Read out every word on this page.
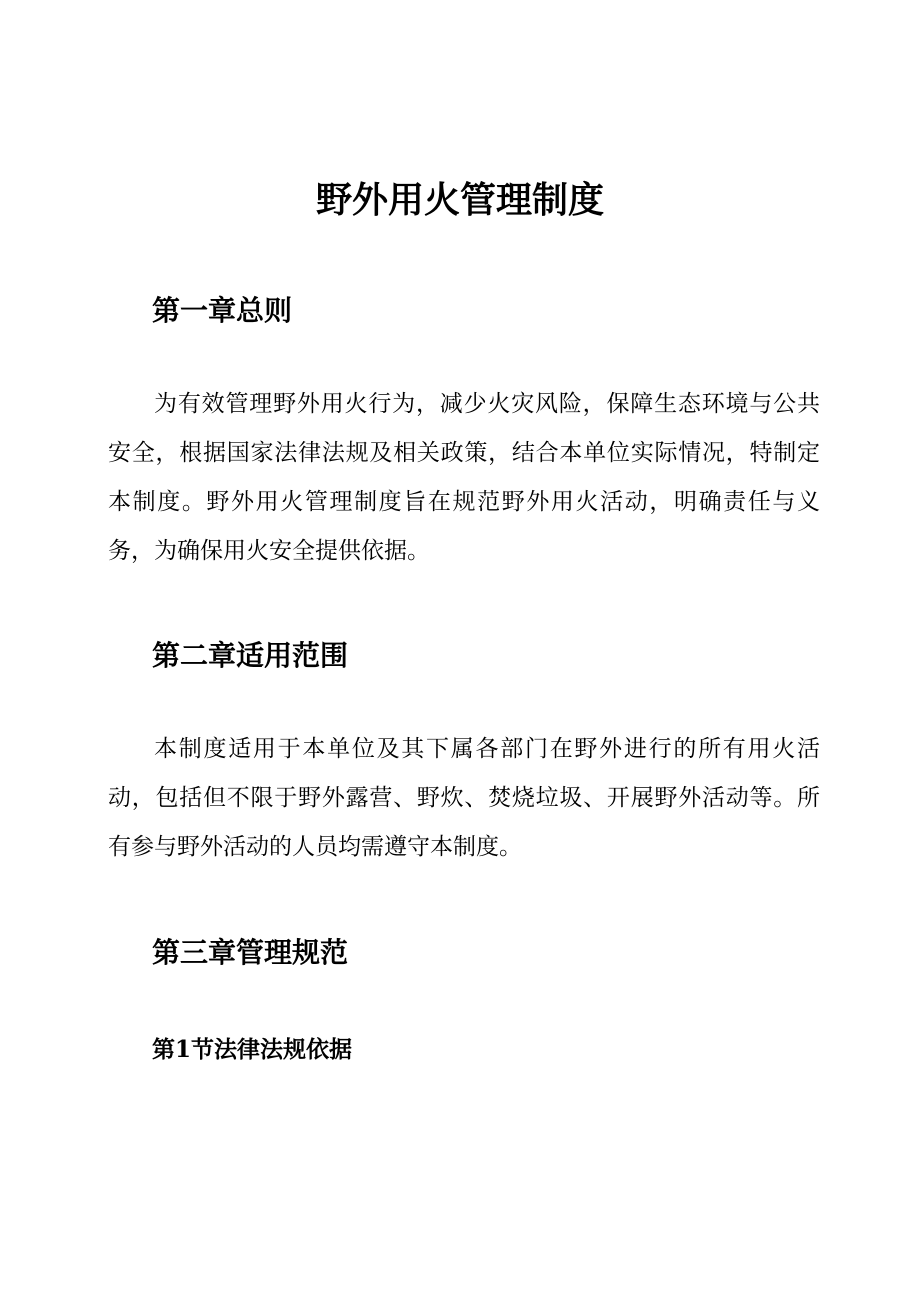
野外用火管理制度
第一章总则

为有效管理野外用火行为，减少火灾风险，保障生态环境与公共安全，根据国家法律法规及相关政策，结合本单位实际情况，特制定本制度。野外用火管理制度旨在规范野外用火活动，明确责任与义务，为确保用火安全提供依据。

第二章适用范围

本制度适用于本单位及其下属各部门在野外进行的所有用火活动，包括但不限于野外露营、野炊、焚烧垃圾、开展野外活动等。所有参与野外活动的人员均需遵守本制度。

第三章管理规范
第1节法律法规依据
